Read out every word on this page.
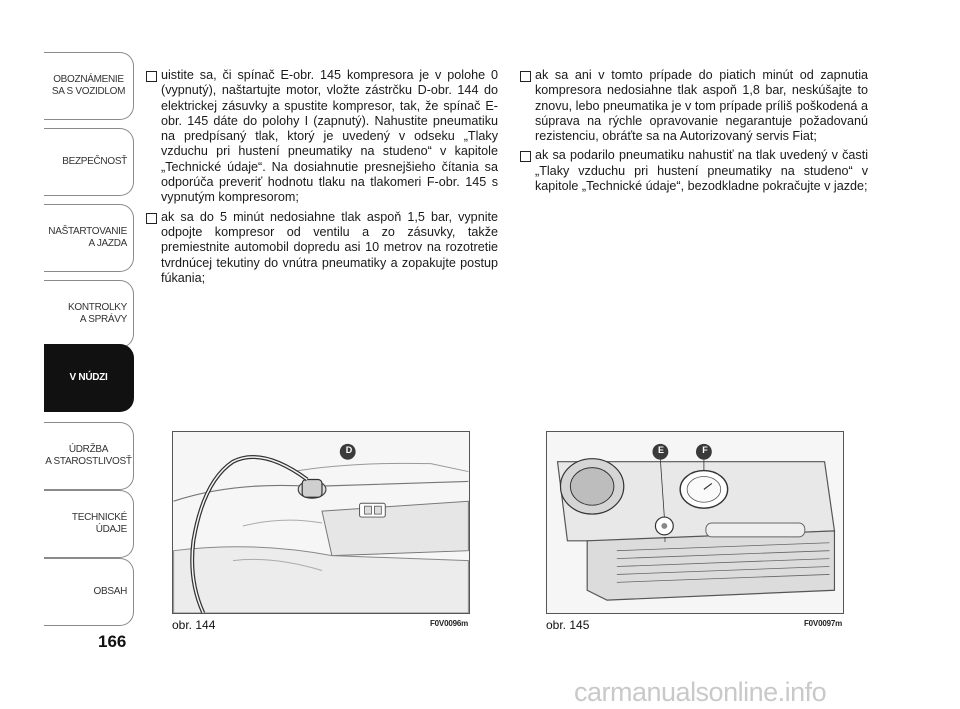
OBOZNÁMENIE
SA S VOZIDLOM
BEZPEČNOSŤ
NAŠTARTOVANIE
A JAZDA
KONTROLKY
A SPRÁVY
V NÚDZI
ÚDRŽBA
A STAROSTLIVOSŤ
TECHNICKÉ
ÚDAJE
OBSAH
166

uistite sa, či spínač E-obr. 145 kompresora je v polohe 0 (vypnutý), naštartujte motor, vložte zástrčku D-obr. 144 do elektrickej zásuvky a spustite kompresor, tak, že spínač E-obr. 145 dáte do polohy I (zapnutý). Nahustite pneumatiku na predpísaný tlak, ktorý je uvedený v odseku „Tlaky vzduchu pri hustení pneumatiky na studeno“ v kapitole „Technické údaje“. Na dosiahnutie presnejšieho čítania sa odporúča preveriť hodnotu tlaku na tlakomeri F-obr. 145 s vypnutým kompresorom;

ak sa do 5 minút nedosiahne tlak aspoň 1,5 bar, vypnite odpojte kompresor od ventilu a zo zásuvky, takže premiestnite automobil dopredu asi 10 metrov na rozotretie tvrdnúcej tekutiny do vnútra pneumatiky a zopakujte postup fúkania;

ak sa ani v tomto prípade do piatich minút od zapnutia kompresora nedosiahne tlak aspoň 1,8 bar, neskúšajte to znovu, lebo pneumatika je v tom prípade príliš poškodená a súprava na rýchle opravovanie negarantuje požadovanú rezistenciu, obráťte sa na Autorizovaný servis Fiat;

ak sa podarilo pneumatiku nahustiť na tlak uvedený v časti „Tlaky vzduchu pri hustení pneumatiky na studeno“ v kapitole „Technické údaje“, bezodkladne pokračujte v jazde;

D	E	F
I
obr. 144	F0V0096m	obr. 145	F0V0097m
carmanualsonline.info
